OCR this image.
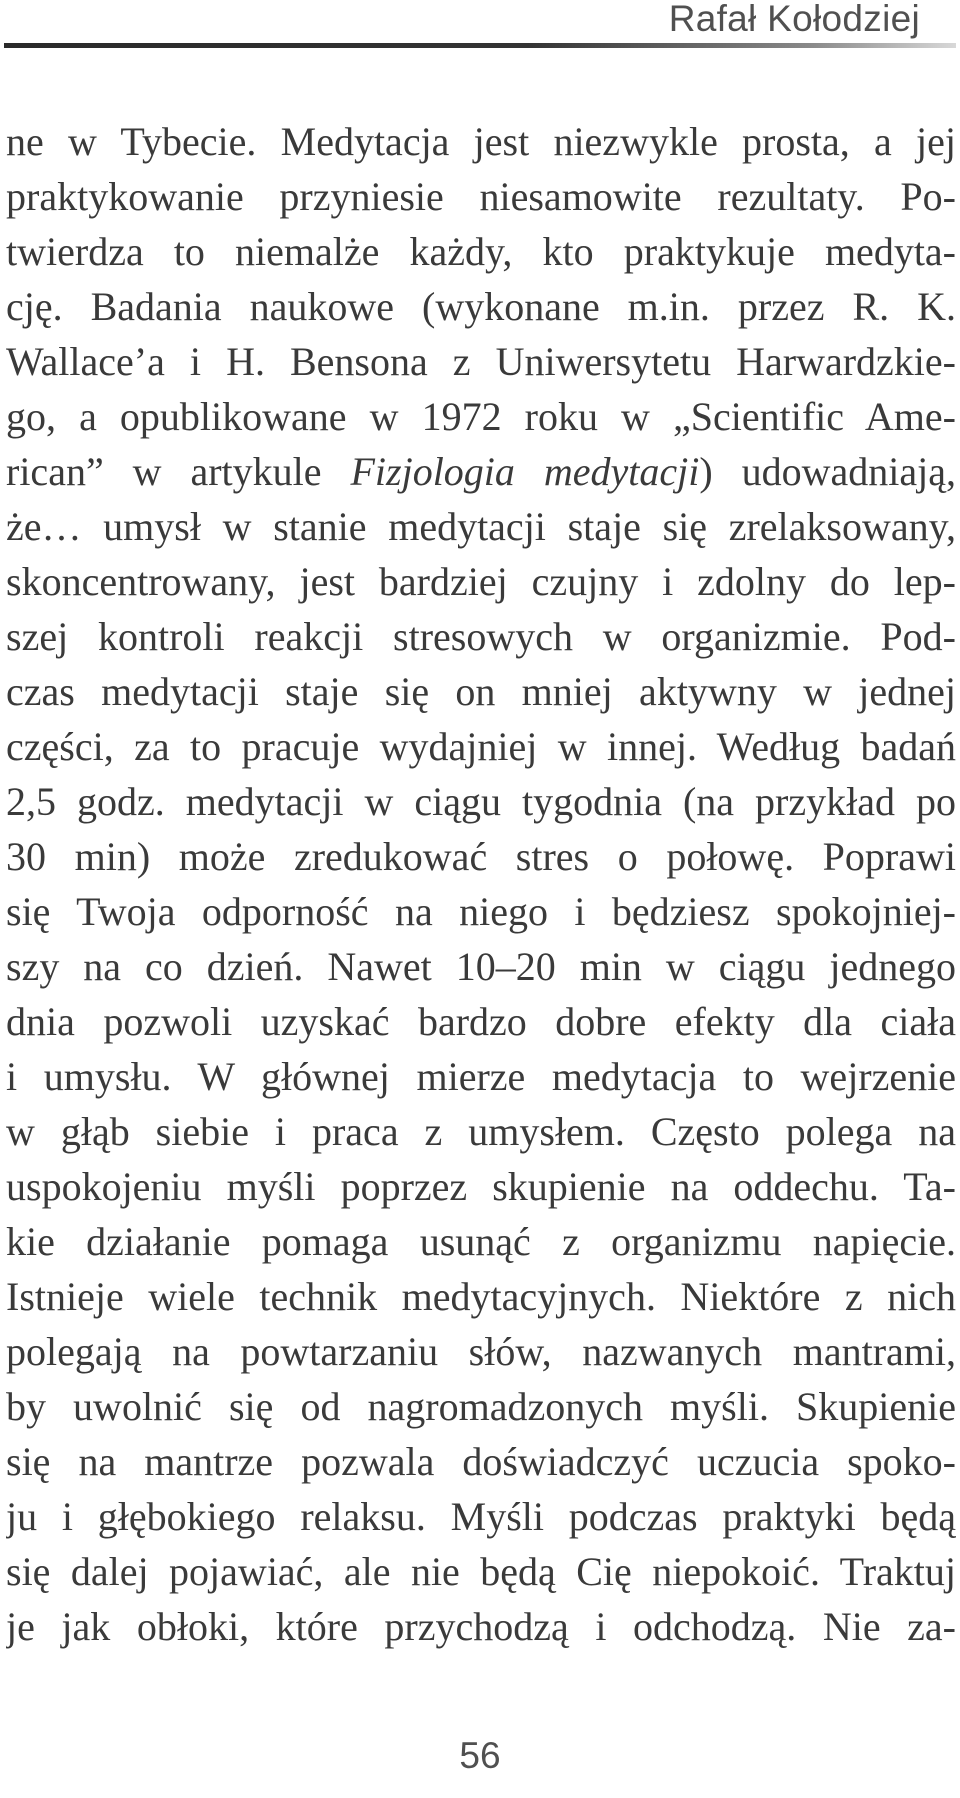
Rafał Kołodziej
ne w Tybecie. Medytacja jest niezwykle prosta, a jej
praktykowanie przyniesie niesamowite rezultaty. Po-
twierdza to niemalże każdy, kto praktykuje medyta-
cję. Badania naukowe (wykonane m.in. przez R. K.
Wallace’a i H. Bensona z Uniwersytetu Harwardzkie-
go, a opublikowane w 1972 roku w „Scientific Ame-
rican” w artykule Fizjologia medytacji) udowadniają,
że… umysł w stanie medytacji staje się zrelaksowany,
skoncentrowany, jest bardziej czujny i zdolny do lep-
szej kontroli reakcji stresowych w organizmie. Pod-
czas medytacji staje się on mniej aktywny w jednej
części, za to pracuje wydajniej w innej. Według badań
2,5 godz. medytacji w ciągu tygodnia (na przykład po
30 min) może zredukować stres o połowę. Poprawi
się Twoja odporność na niego i będziesz spokojniej-
szy na co dzień. Nawet 10–20 min w ciągu jednego
dnia pozwoli uzyskać bardzo dobre efekty dla ciała
i umysłu. W głównej mierze medytacja to wejrzenie
w głąb siebie i praca z umysłem. Często polega na
uspokojeniu myśli poprzez skupienie na oddechu. Ta-
kie działanie pomaga usunąć z organizmu napięcie.
Istnieje wiele technik medytacyjnych. Niektóre z nich
polegają na powtarzaniu słów, nazwanych mantrami,
by uwolnić się od nagromadzonych myśli. Skupienie
się na mantrze pozwala doświadczyć uczucia spoko-
ju i głębokiego relaksu. Myśli podczas praktyki będą
się dalej pojawiać, ale nie będą Cię niepokoić. Traktuj
je jak obłoki, które przychodzą i odchodzą. Nie za-
56
